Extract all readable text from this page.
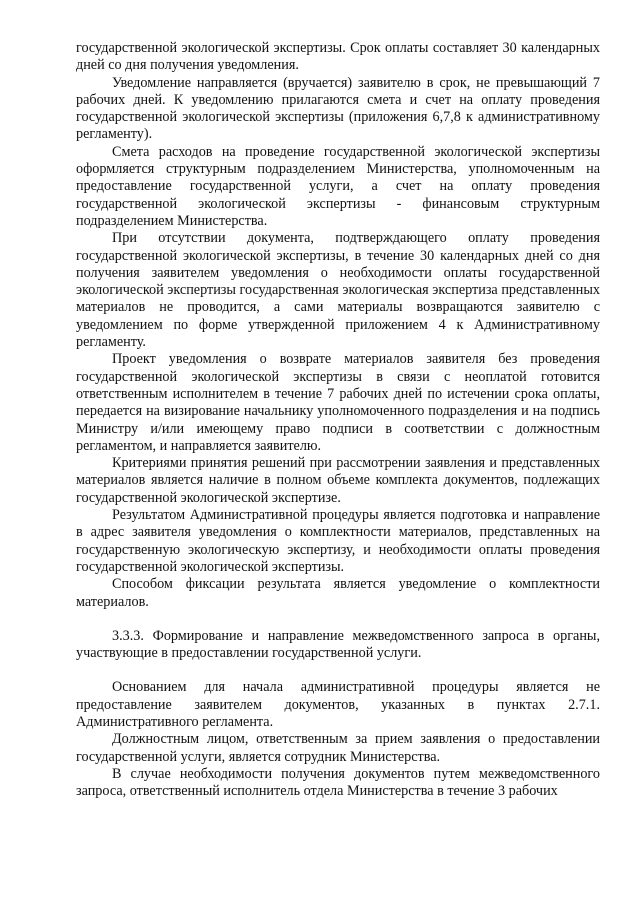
государственной экологической экспертизы. Срок оплаты составляет 30 календарных дней со дня получения уведомления.

Уведомление направляется (вручается) заявителю в срок, не превышающий 7 рабочих дней. К уведомлению прилагаются смета и счет на оплату проведения государственной экологической экспертизы (приложения 6,7,8 к административному регламенту).

Смета расходов на проведение государственной экологической экспертизы оформляется структурным подразделением Министерства, уполномоченным на предоставление государственной услуги, а счет на оплату проведения государственной экологической экспертизы - финансовым структурным подразделением Министерства.

При отсутствии документа, подтверждающего оплату проведения государственной экологической экспертизы, в течение 30 календарных дней со дня получения заявителем уведомления о необходимости оплаты государственной экологической экспертизы государственная экологическая экспертиза представленных материалов не проводится, а сами материалы возвращаются заявителю с уведомлением по форме утвержденной приложением 4 к Административному регламенту.

Проект уведомления о возврате материалов заявителя без проведения государственной экологической экспертизы в связи с неоплатой готовится ответственным исполнителем в течение 7 рабочих дней по истечении срока оплаты, передается на визирование начальнику уполномоченного подразделения и на подпись Министру и/или имеющему право подписи в соответствии с должностным регламентом, и направляется заявителю.

Критериями принятия решений при рассмотрении заявления и представленных материалов является наличие в полном объеме комплекта документов, подлежащих государственной экологической экспертизе.

Результатом Административной процедуры является подготовка и направление в адрес заявителя уведомления о комплектности материалов, представленных на государственную экологическую экспертизу, и необходимости оплаты проведения государственной экологической экспертизы.

Способом фиксации результата является уведомление о комплектности материалов.

3.3.3. Формирование и направление межведомственного запроса в органы, участвующие в предоставлении государственной услуги.

Основанием для начала административной процедуры является не предоставление заявителем документов, указанных в пунктах 2.7.1. Административного регламента.

Должностным лицом, ответственным за прием заявления о предоставлении государственной услуги, является сотрудник Министерства.

В случае необходимости получения документов путем межведомственного запроса, ответственный исполнитель отдела Министерства в течение 3 рабочих
